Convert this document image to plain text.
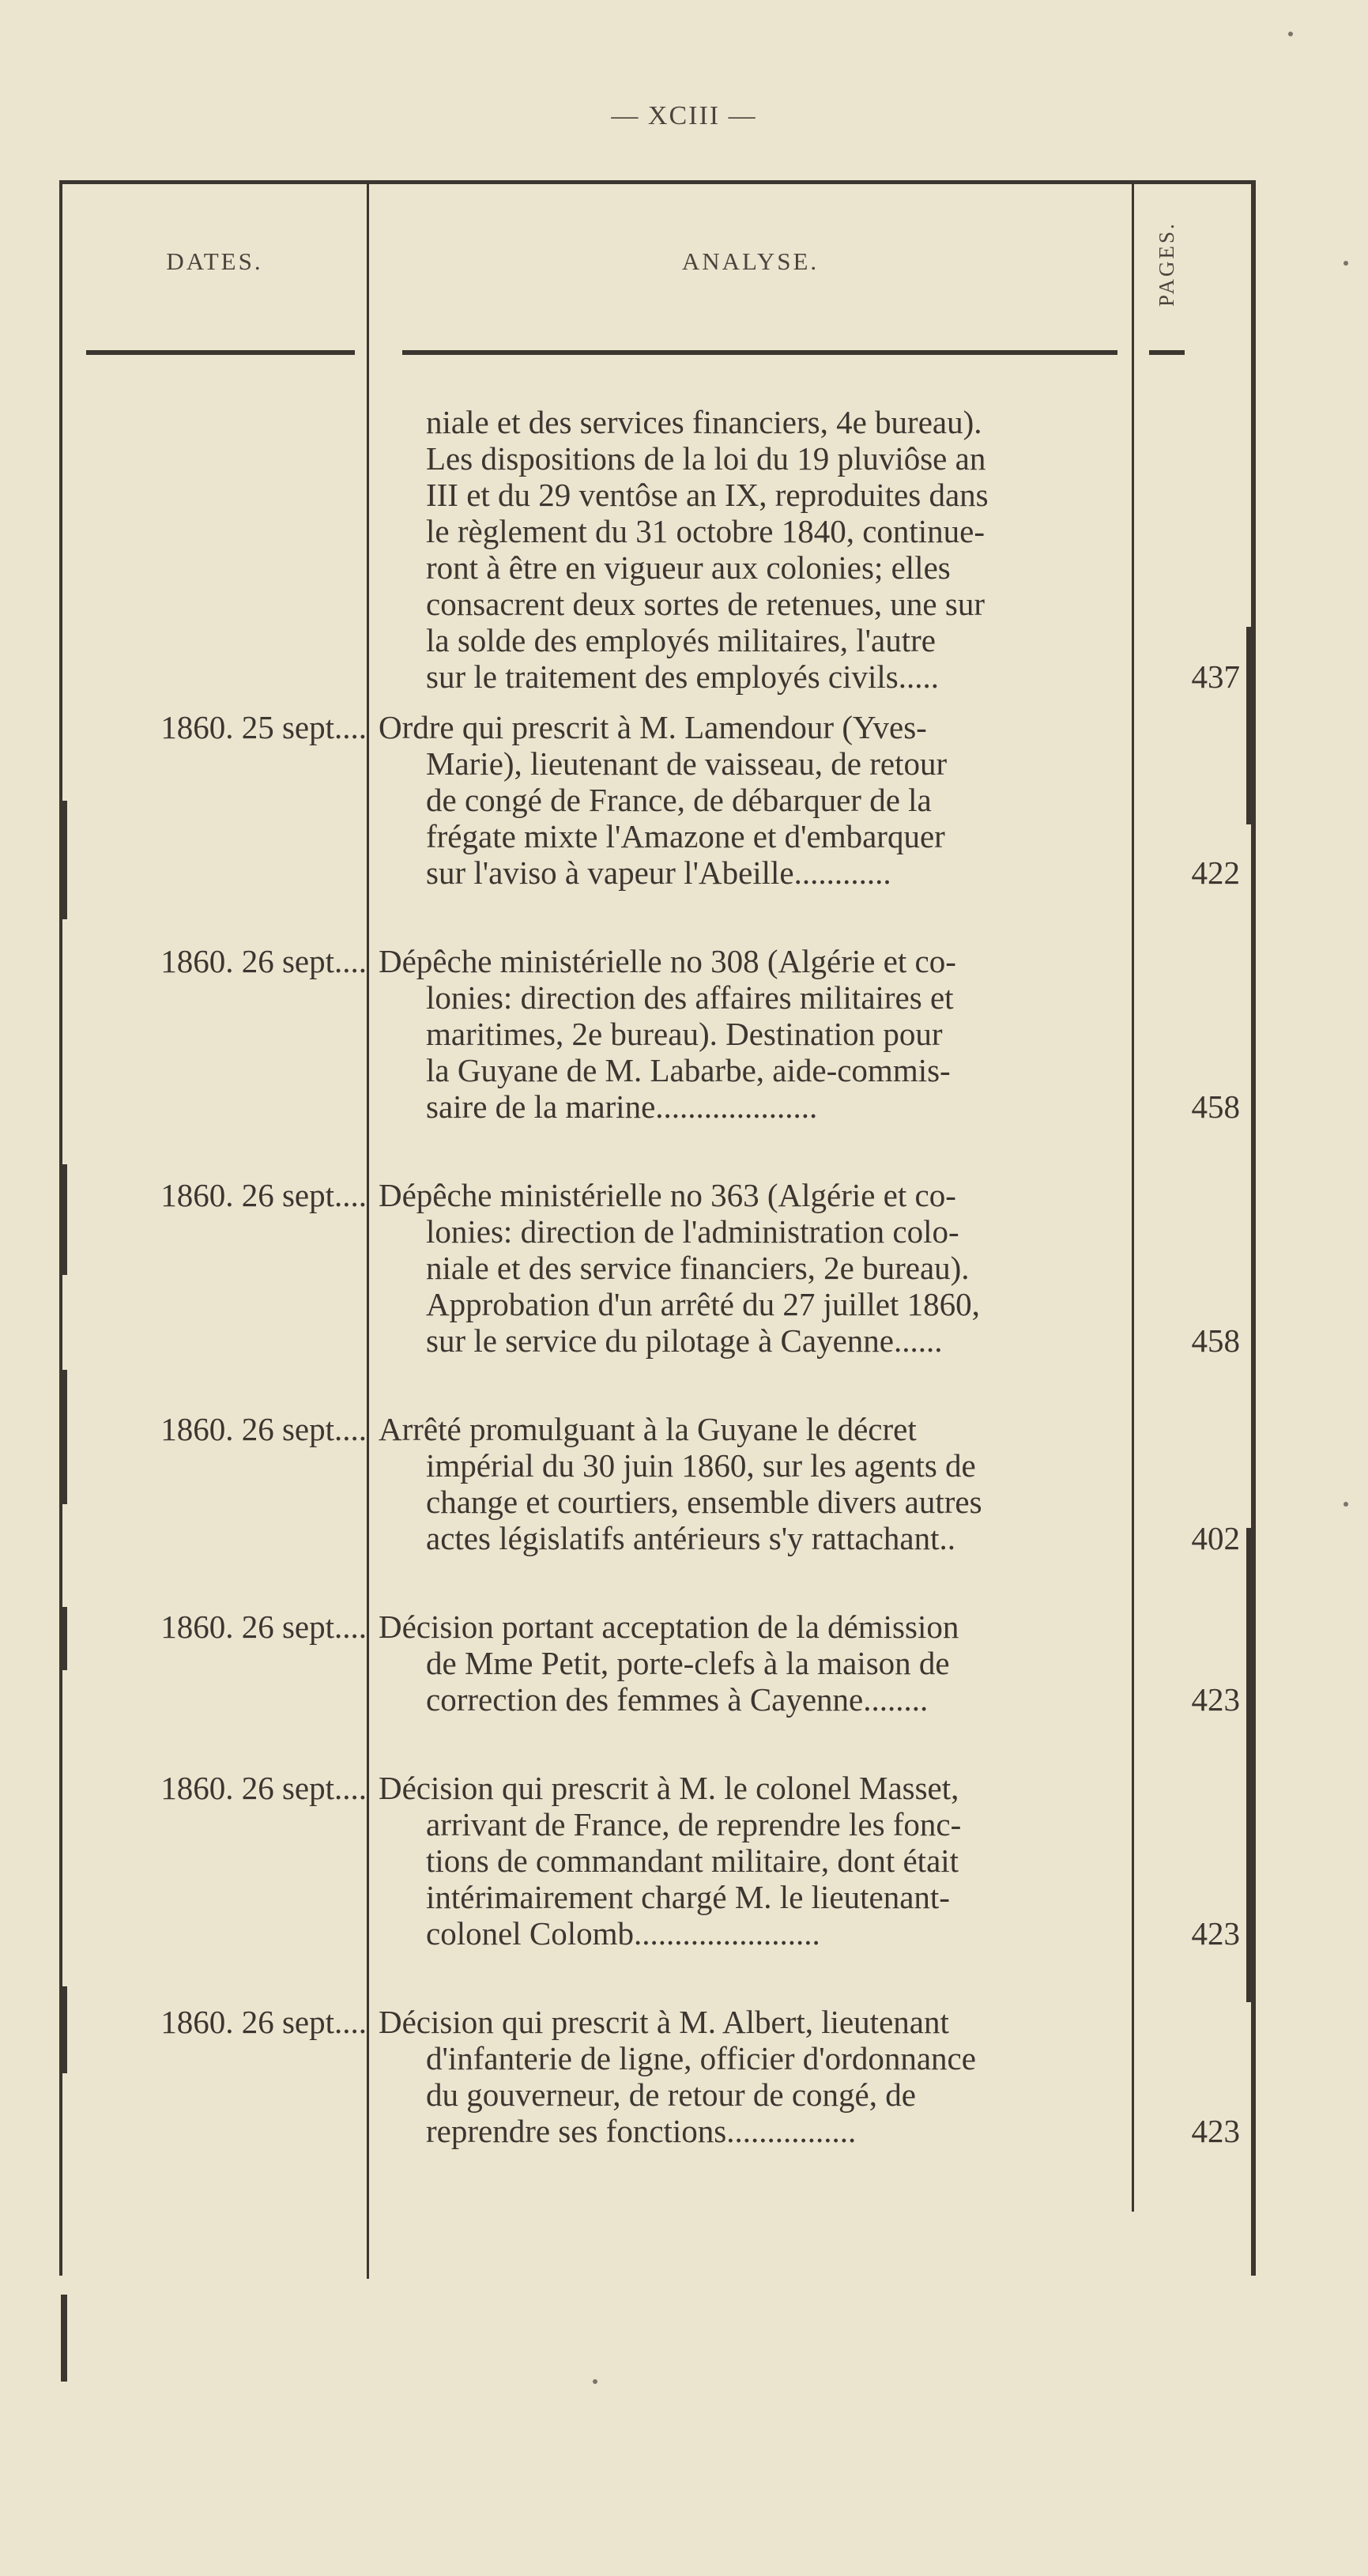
— XCIII —
DATES.	ANALYSE.	PAGES.
niale et des services financiers, 4e bureau).
Les dispositions de la loi du 19 pluviôse an
III et du 29 ventôse an IX, reproduites dans
le règlement du 31 octobre 1840, continue-
ront à être en vigueur aux colonies; elles
consacrent deux sortes de retenues, une sur
la solde des employés militaires, l'autre
sur le traitement des employés civils.....	437
1860. 25 sept.... Ordre qui prescrit à M. Lamendour (Yves-
Marie), lieutenant de vaisseau, de retour
de congé de France, de débarquer de la
frégate mixte l'Amazone et d'embarquer
sur l'aviso à vapeur l'Abeille............	422
1860. 26 sept.... Dépêche ministérielle no 308 (Algérie et co-
lonies: direction des affaires militaires et
maritimes, 2e bureau). Destination pour
la Guyane de M. Labarbe, aide-commis-
saire de la marine....................	458
1860. 26 sept.... Dépêche ministérielle no 363 (Algérie et co-
lonies: direction de l'administration colo-
niale et des service financiers, 2e bureau).
Approbation d'un arrêté du 27 juillet 1860,
sur le service du pilotage à Cayenne......	458
1860. 26 sept.... Arrêté promulguant à la Guyane le décret
impérial du 30 juin 1860, sur les agents de
change et courtiers, ensemble divers autres
actes législatifs antérieurs s'y rattachant..	402
1860. 26 sept.... Décision portant acceptation de la démission
de Mme Petit, porte-clefs à la maison de
correction des femmes à Cayenne........	423
1860. 26 sept.... Décision qui prescrit à M. le colonel Masset,
arrivant de France, de reprendre les fonc-
tions de commandant militaire, dont était
intérimairement chargé M. le lieutenant-
colonel Colomb.......................	423
1860. 26 sept.... Décision qui prescrit à M. Albert, lieutenant
d'infanterie de ligne, officier d'ordonnance
du gouverneur, de retour de congé, de
reprendre ses fonctions................	423
